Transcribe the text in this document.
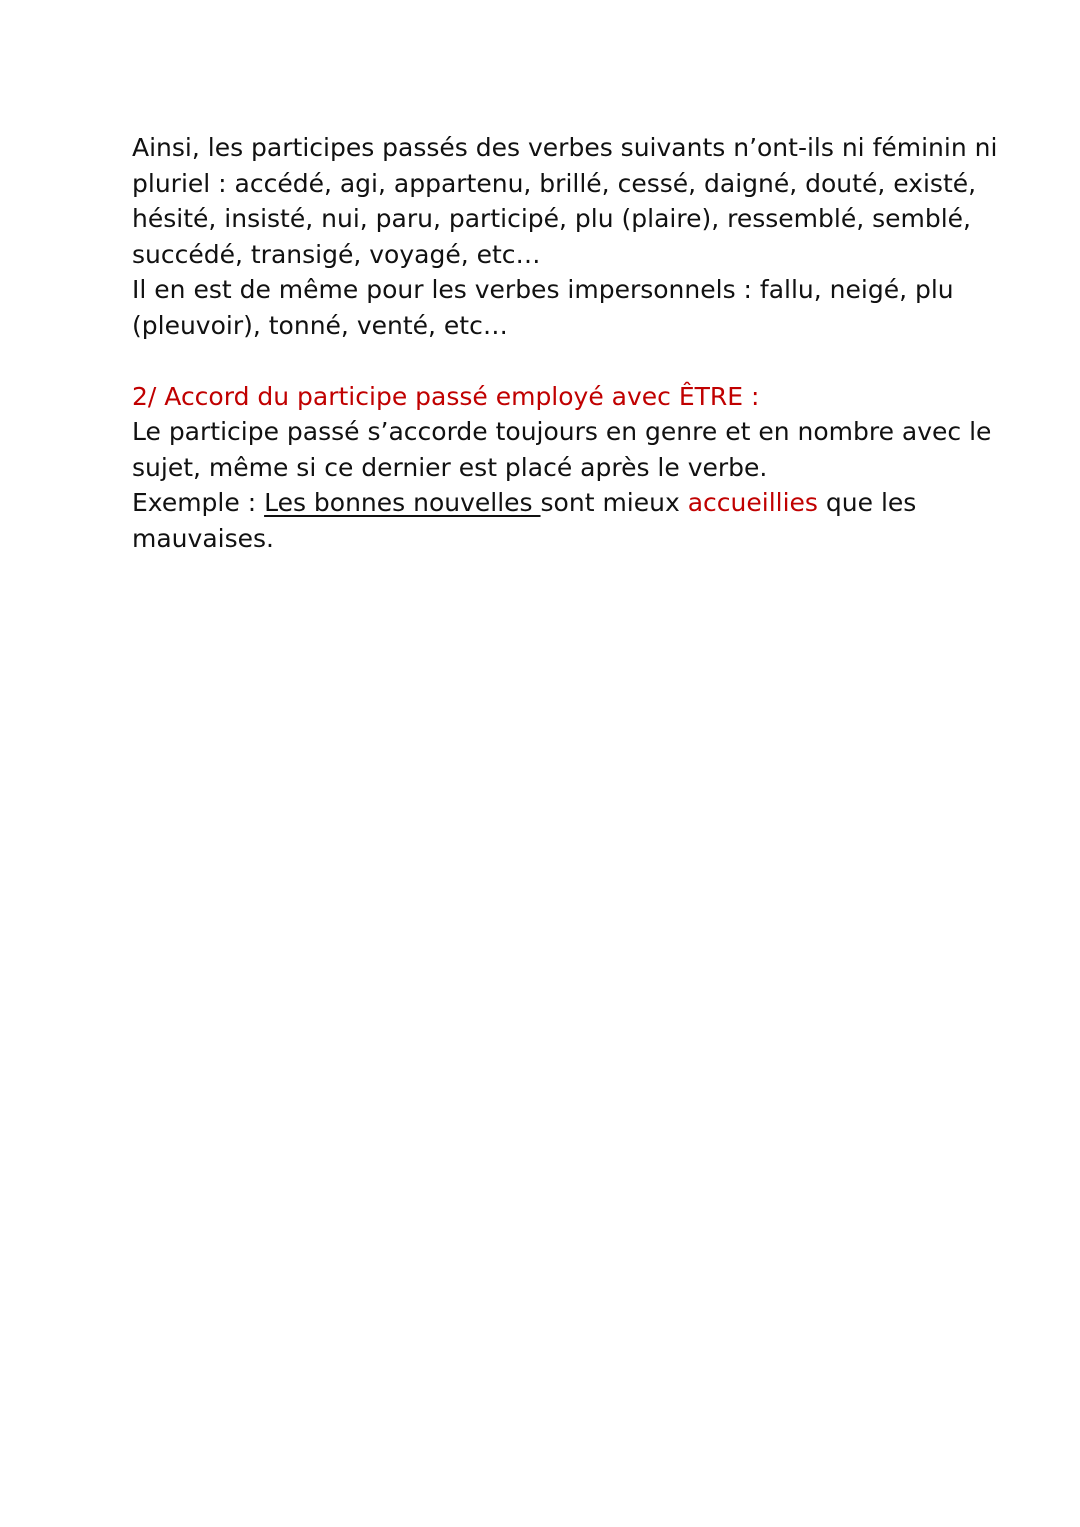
Ainsi, les participes passés des verbes suivants n’ont-ils ni féminin ni
pluriel : accédé, agi, appartenu, brillé, cessé, daigné, douté, existé,
hésité, insisté, nui, paru, participé, plu (plaire), ressemblé, semblé,
succédé, transigé, voyagé, etc…
Il en est de même pour les verbes impersonnels : fallu, neigé, plu
(pleuvoir), tonné, venté, etc…
2/ Accord du participe passé employé avec ÊTRE :
Le participe passé s’accorde toujours en genre et en nombre avec le
sujet, même si ce dernier est placé après le verbe.
Exemple : Les bonnes nouvelles sont mieux accueillies que les
mauvaises.
